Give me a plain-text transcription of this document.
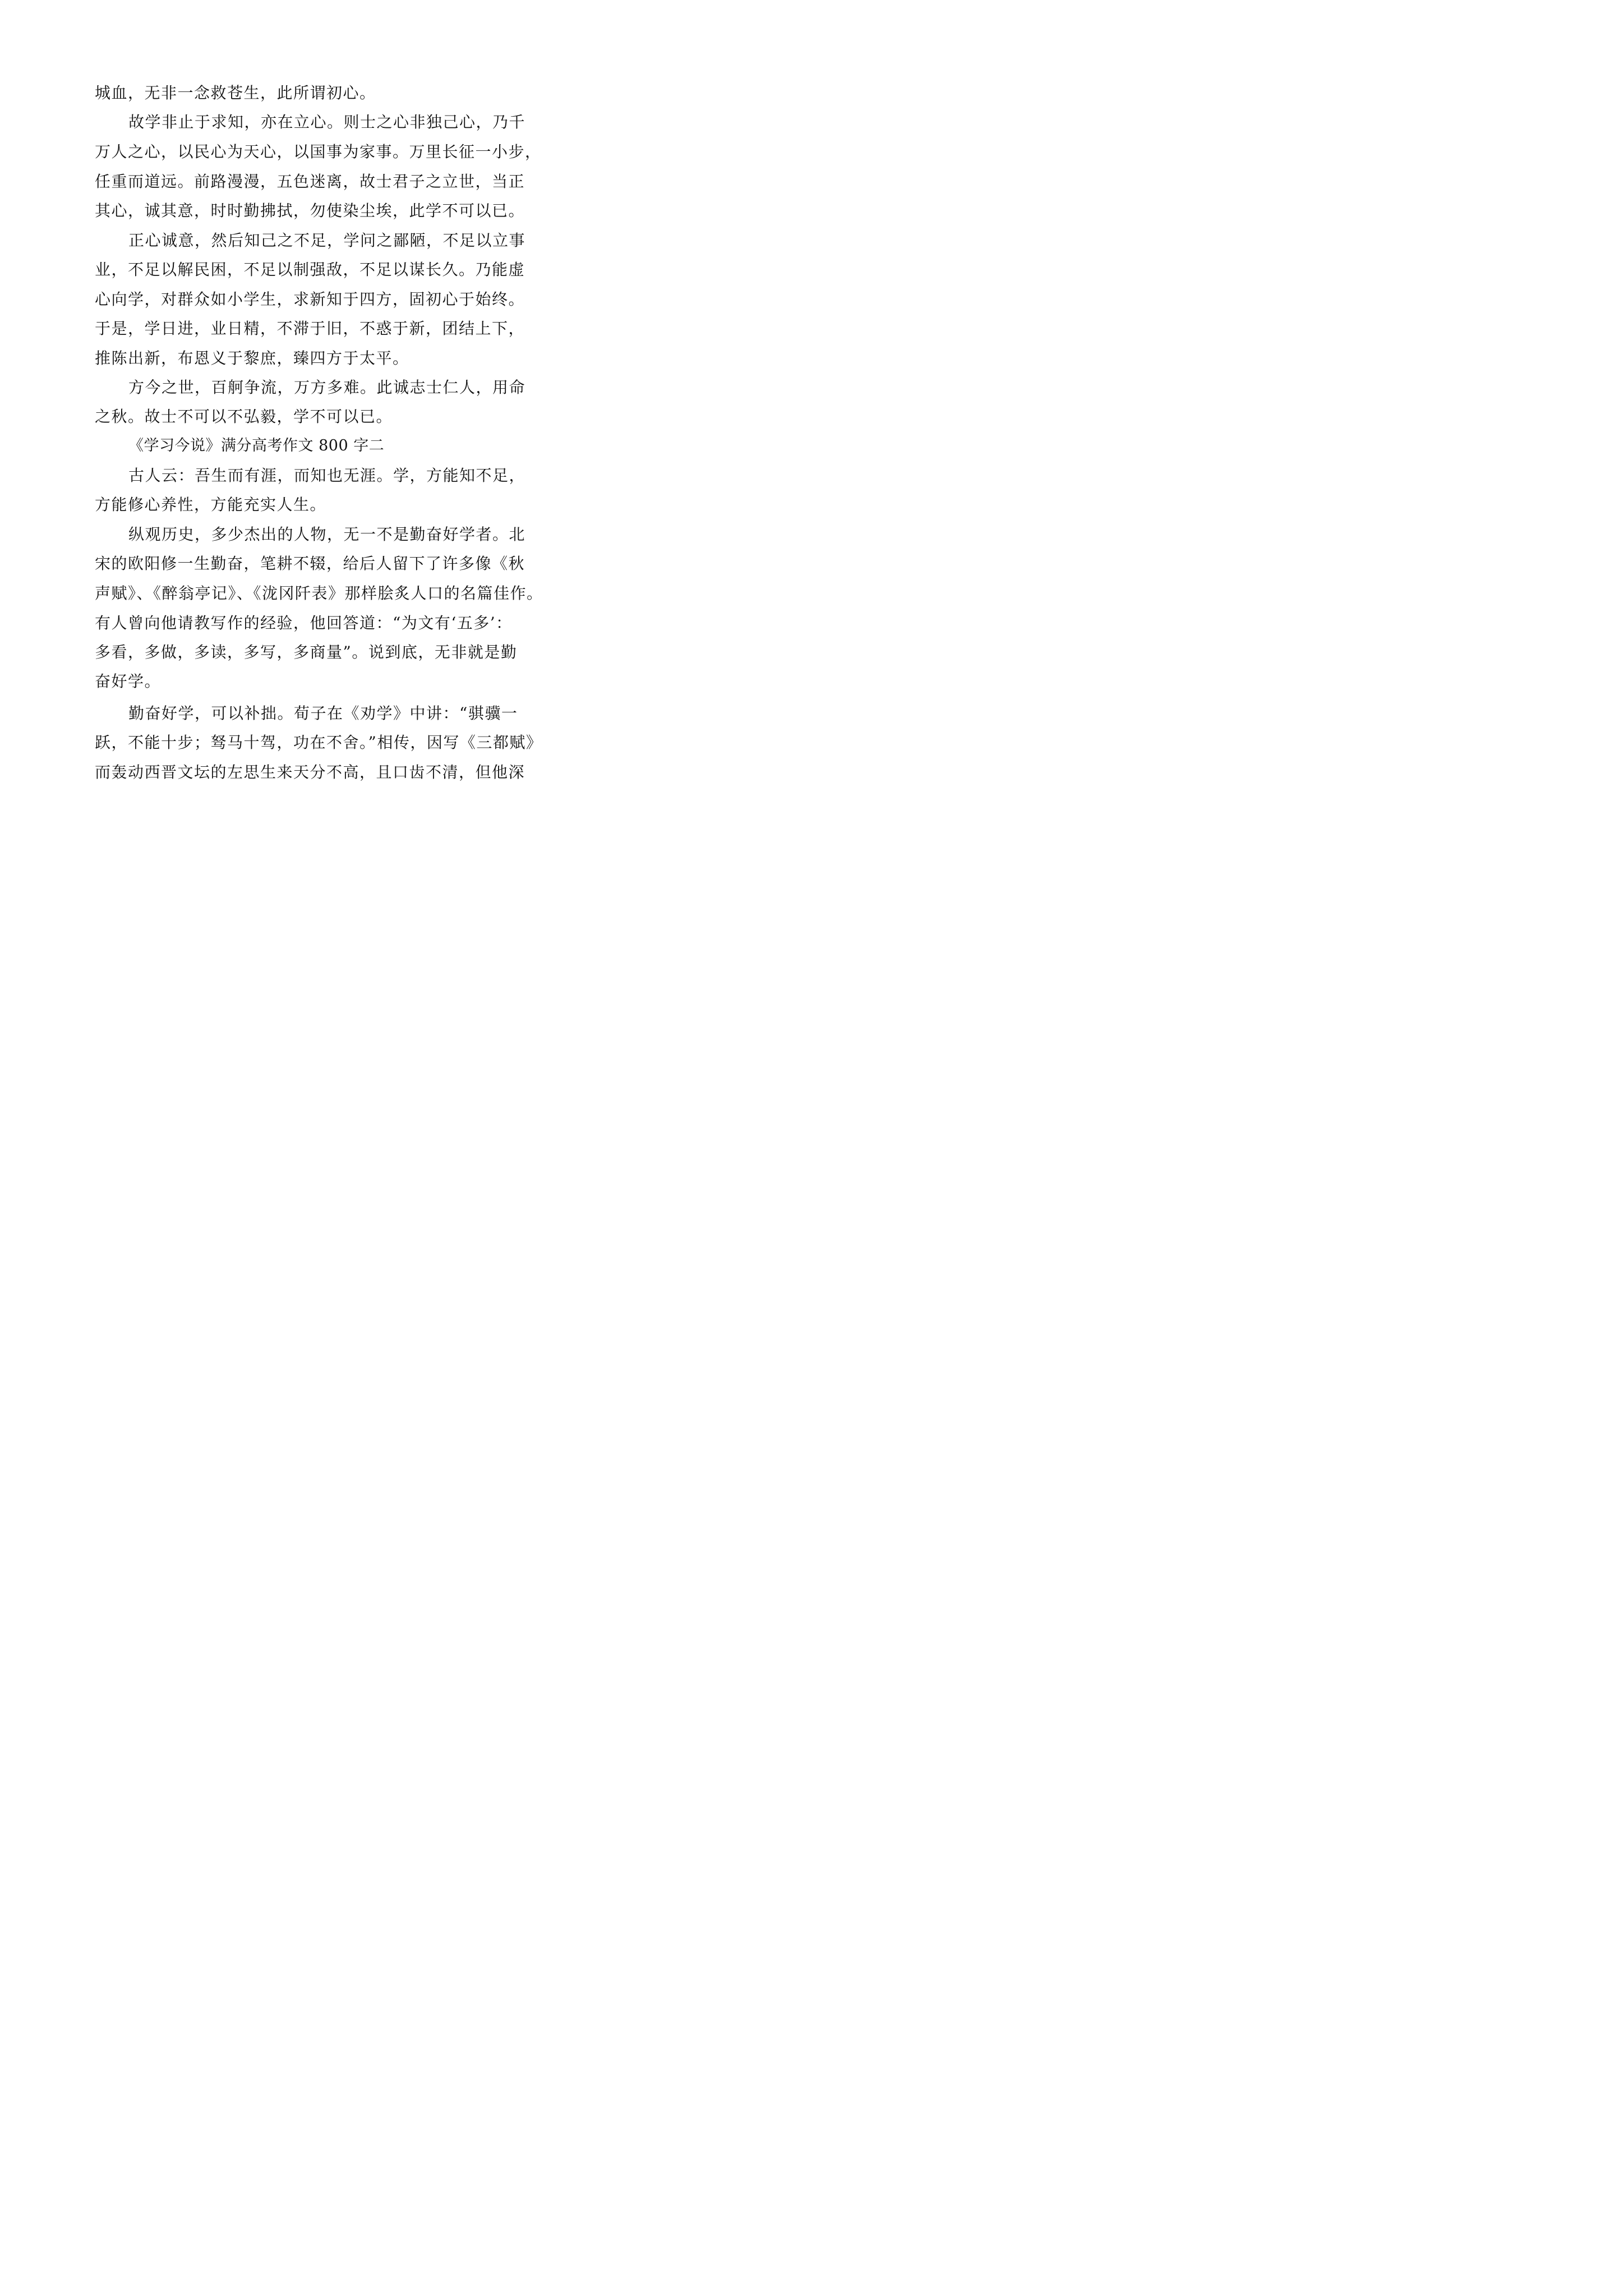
城血，无非一念救苍生，此所谓初心。
故学非止于求知，亦在立心。则士之心非独己心，乃千
万人之心，以民心为天心，以国事为家事。万里长征一小步，
任重而道远。前路漫漫，五色迷离，故士君子之立世，当正
其心，诚其意，时时勤拂拭，勿使染尘埃，此学不可以已。
正心诚意，然后知己之不足，学问之鄙陋，不足以立事
业，不足以解民困，不足以制强敌，不足以谋长久。乃能虚
心向学，对群众如小学生，求新知于四方，固初心于始终。
于是，学日进，业日精，不滞于旧，不惑于新，团结上下，
推陈出新，布恩义于黎庶，臻四方于太平。
方今之世，百舸争流，万方多难。此诚志士仁人，用命
之秋。故士不可以不弘毅，学不可以已。
《学习今说》满分高考作文 800 字二
古人云：吾生而有涯，而知也无涯。学，方能知不足，
方能修心养性，方能充实人生。
纵观历史，多少杰出的人物，无一不是勤奋好学者。北
宋的欧阳修一生勤奋，笔耕不辍，给后人留下了许多像《秋
声赋》、《醉翁亭记》、《泷冈阡表》那样脍炙人口的名篇佳作。
有人曾向他请教写作的经验，他回答道：“为文有‘五多’：
多看，多做，多读，多写，多商量”。说到底，无非就是勤
奋好学。
勤奋好学，可以补拙。荀子在《劝学》中讲：“骐骥一
跃，不能十步；驽马十驾，功在不舍。”相传，因写《三都赋》
而轰动西晋文坛的左思生来天分不高，且口齿不清，但他深
